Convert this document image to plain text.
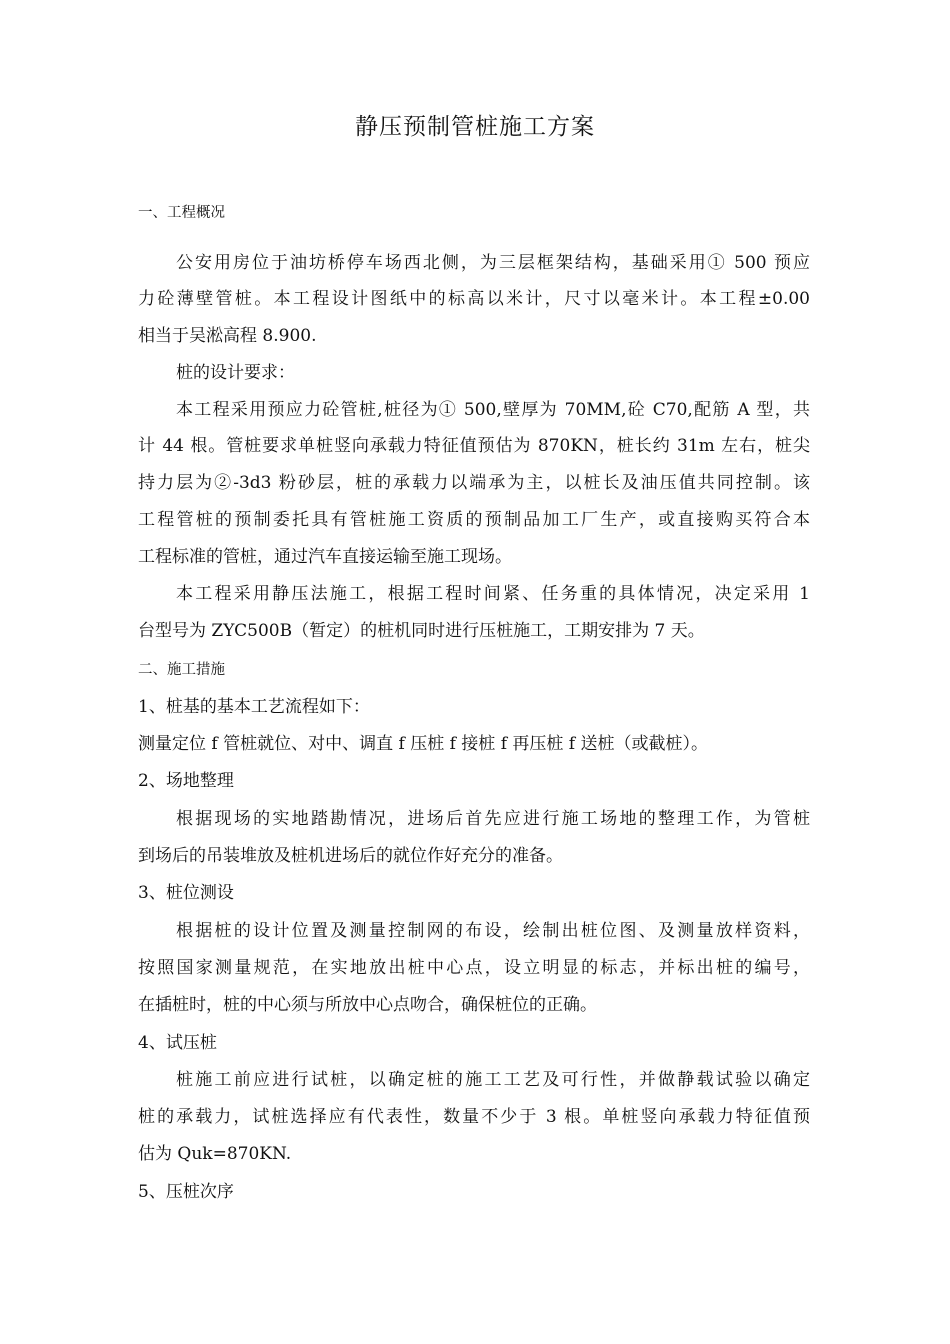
静压预制管桩施工方案
一、工程概况
公安用房位于油坊桥停车场西北侧，为三层框架结构，基础采用① 500 预应
力砼薄壁管桩。本工程设计图纸中的标高以米计，尺寸以毫米计。本工程±0.00
相当于吴淞高程 8.900.
桩的设计要求：
本工程采用预应力砼管桩,桩径为① 500,壁厚为 70MM,砼 C70,配筋 A 型，共
计 44 根。管桩要求单桩竖向承载力特征值预估为 870KN，桩长约 31m 左右，桩尖
持力层为②-3d3 粉砂层，桩的承载力以端承为主，以桩长及油压值共同控制。该
工程管桩的预制委托具有管桩施工资质的预制品加工厂生产，或直接购买符合本
工程标准的管桩，通过汽车直接运输至施工现场。
本工程采用静压法施工，根据工程时间紧、任务重的具体情况，决定采用 1
台型号为 ZYC500B（暂定）的桩机同时进行压桩施工，工期安排为 7 天。
二、施工措施
1、桩基的基本工艺流程如下：
测量定位 f 管桩就位、对中、调直 f 压桩 f 接桩 f 再压桩 f 送桩（或截桩）。
2、场地整理
根据现场的实地踏勘情况，进场后首先应进行施工场地的整理工作，为管桩
到场后的吊装堆放及桩机进场后的就位作好充分的准备。
3、桩位测设
根据桩的设计位置及测量控制网的布设，绘制出桩位图、及测量放样资料，
按照国家测量规范，在实地放出桩中心点，设立明显的标志，并标出桩的编号，
在插桩时，桩的中心须与所放中心点吻合，确保桩位的正确。
4、试压桩
桩施工前应进行试桩，以确定桩的施工工艺及可行性，并做静载试验以确定
桩的承载力，试桩选择应有代表性，数量不少于 3 根。单桩竖向承载力特征值预
估为 Quk=870KN.
5、压桩次序
